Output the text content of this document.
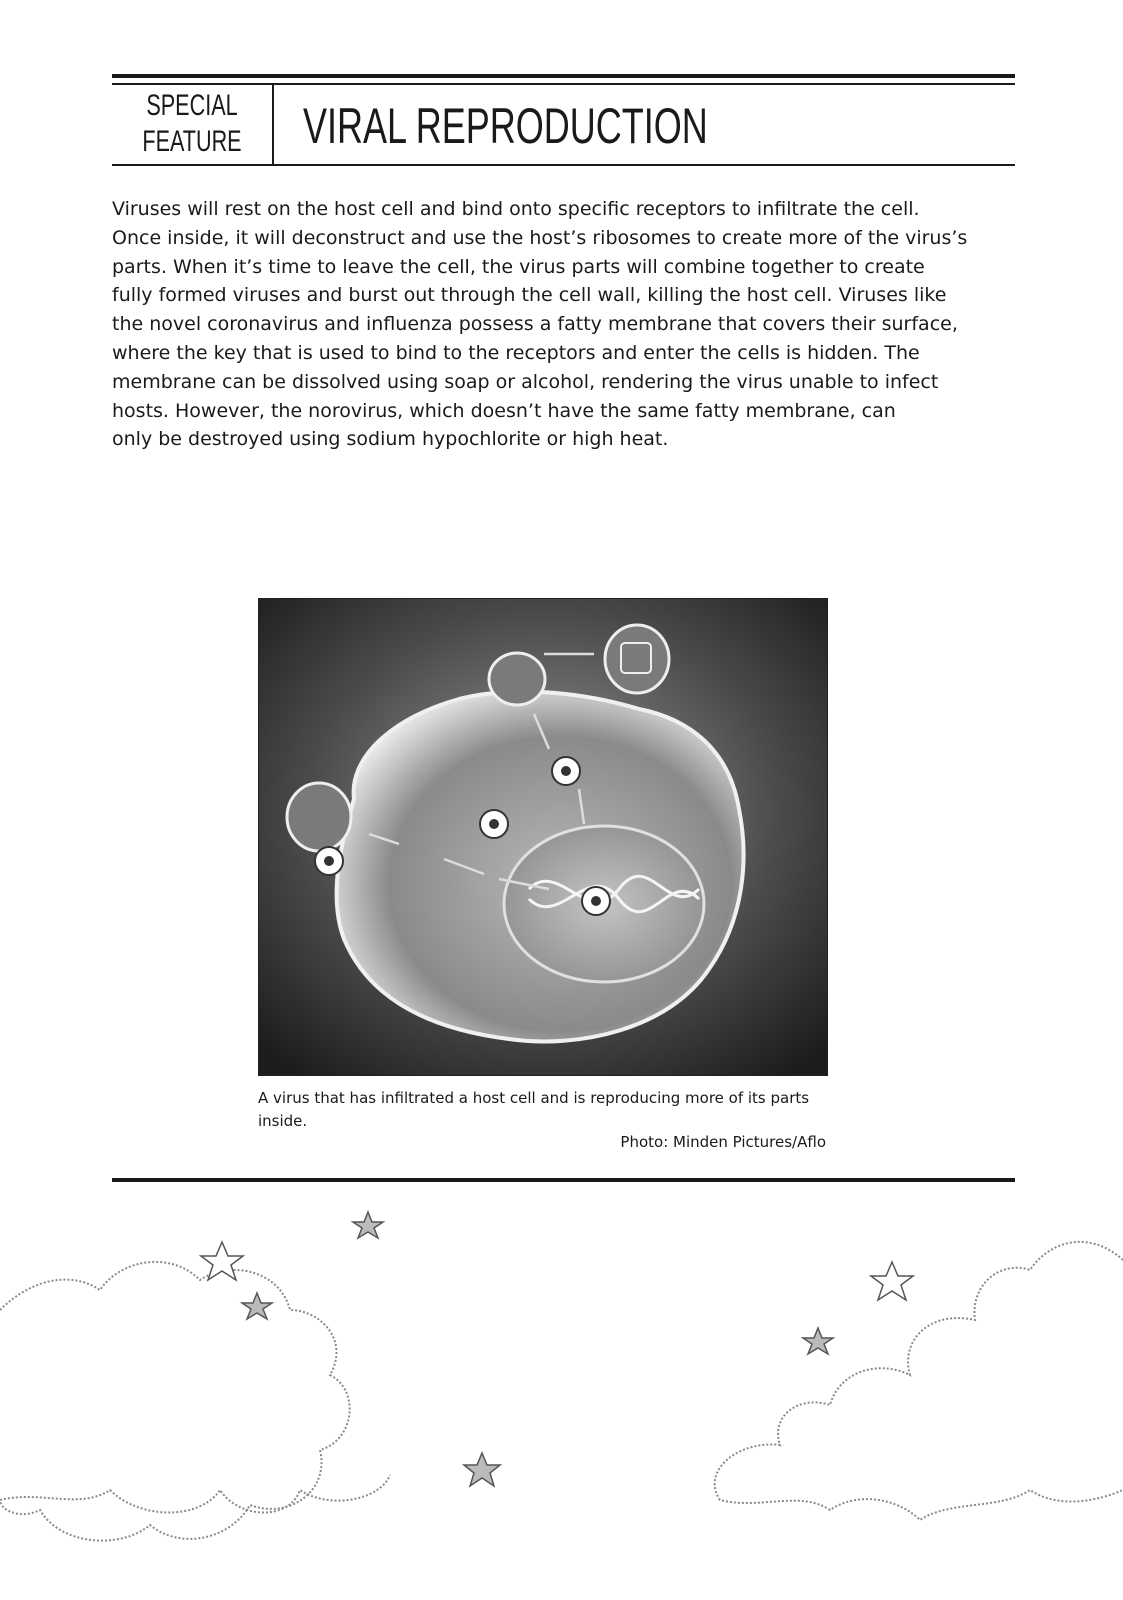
SPECIAL
FEATURE VIRAL REPRODUCTION
Viruses will rest on the host cell and bind onto specific receptors to infiltrate the cell.
Once inside, it will deconstruct and use the host’s ribosomes to create more of the virus’s
parts. When it’s time to leave the cell, the virus parts will combine together to create
fully formed viruses and burst out through the cell wall, killing the host cell. Viruses like
the novel coronavirus and influenza possess a fatty membrane that covers their surface,
where the key that is used to bind to the receptors and enter the cells is hidden. The
membrane can be dissolved using soap or alcohol, rendering the virus unable to infect
hosts. However, the norovirus, which doesn’t have the same fatty membrane, can
only be destroyed using sodium hypochlorite or high heat.
A virus that has infiltrated a host cell and is reproducing more of its parts inside.
Photo: Minden Pictures/Aflo
